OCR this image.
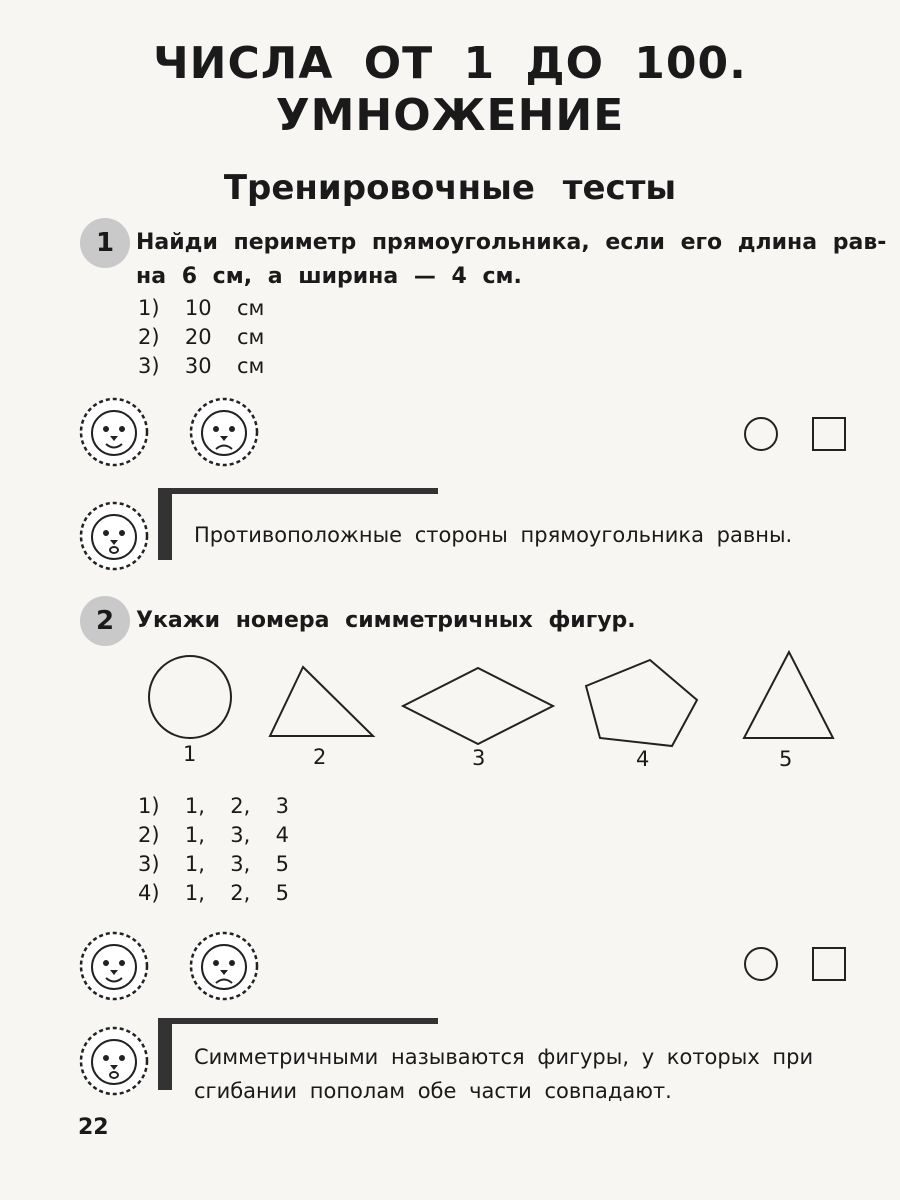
ЧИСЛА ОТ 1 ДО 100.
УМНОЖЕНИЕ
Тренировочные тесты
1 Найди периметр прямоугольника, если его длина рав-
на 6 см, а ширина — 4 см.
1)  10  см
2)  20  см
3)  30  см
Противоположные стороны прямоугольника равны.
2 Укажи номера симметричных фигур.
1	2	3	4	5
1)  1,  2,  3
2)  1,  3,  4
3)  1,  3,  5
4)  1,  2,  5
Симметричными называются фигуры, у которых при
сгибании пополам обе части совпадают.
22
